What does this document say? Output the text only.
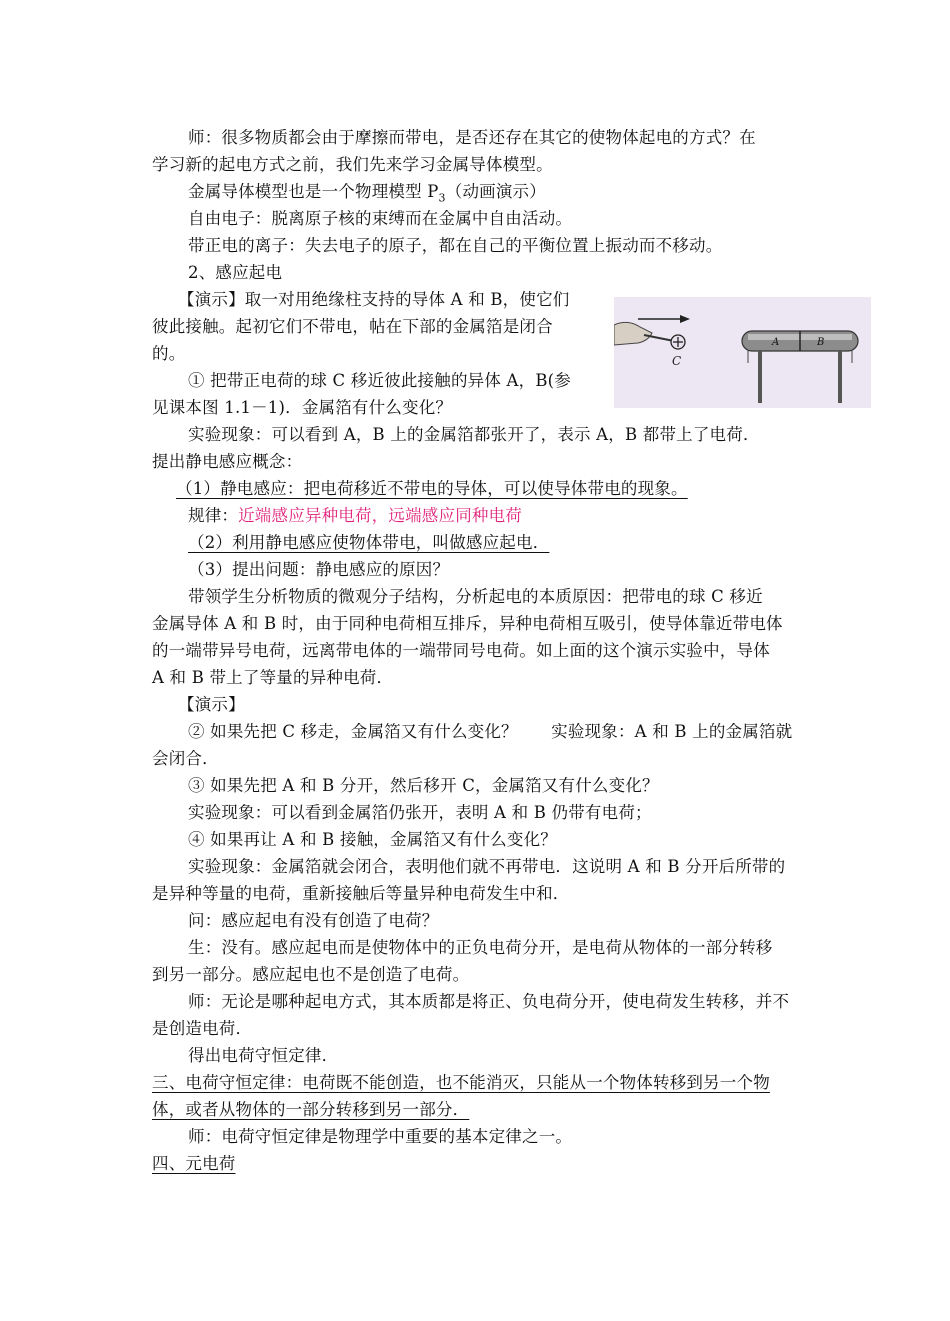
师：很多物质都会由于摩擦而带电，是否还存在其它的使物体起电的方式？在
学习新的起电方式之前，我们先来学习金属导体模型。
金属导体模型也是一个物理模型 $P_3$（动画演示）
自由电子：脱离原子核的束缚而在金属中自由活动。
带正电的离子：失去电子的原子，都在自己的平衡位置上振动而不移动。
2、感应起电
【演示】取一对用绝缘柱支持的导体 A 和 B，使它们
彼此接触。起初它们不带电，帖在下部的金属箔是闭合
的。
① 把带正电荷的球 C 移近彼此接触的异体 A，B(参
见课本图 1.1－1)．金属箔有什么变化？
C
A	B
实验现象：可以看到 A，B 上的金属箔都张开了，表示 A，B 都带上了电荷．
提出静电感应概念：
（1）静电感应：把电荷移近不带电的导体，可以使导体带电的现象。
规律：近端感应异种电荷，远端感应同种电荷
（2）利用静电感应使物体带电，叫做感应起电．
（3）提出问题：静电感应的原因？
带领学生分析物质的微观分子结构，分析起电的本质原因：把带电的球 C 移近
金属导体 A 和 B 时，由于同种电荷相互排斥，异种电荷相互吸引，使导体靠近带电体
的一端带异号电荷，远离带电体的一端带同号电荷。如上面的这个演示实验中，导体
A 和 B 带上了等量的异种电荷．
【演示】
② 如果先把 C 移走，金属箔又有什么变化？　　实验现象：A 和 B 上的金属箔就
会闭合．
③ 如果先把 A 和 B 分开，然后移开 C，金属箔又有什么变化？
实验现象：可以看到金属箔仍张开，表明 A 和 B 仍带有电荷；
④ 如果再让 A 和 B 接触，金属箔又有什么变化？
实验现象：金属箔就会闭合，表明他们就不再带电．这说明 A 和 B 分开后所带的
是异种等量的电荷，重新接触后等量异种电荷发生中和．
问：感应起电有没有创造了电荷？
生：没有。感应起电而是使物体中的正负电荷分开，是电荷从物体的一部分转移
到另一部分。感应起电也不是创造了电荷。
师：无论是哪种起电方式，其本质都是将正、负电荷分开，使电荷发生转移，并不
是创造电荷．
得出电荷守恒定律．
三、电荷守恒定律：电荷既不能创造，也不能消灭，只能从一个物体转移到另一个物
体，或者从物体的一部分转移到另一部分．
师：电荷守恒定律是物理学中重要的基本定律之一。
四、元电荷
